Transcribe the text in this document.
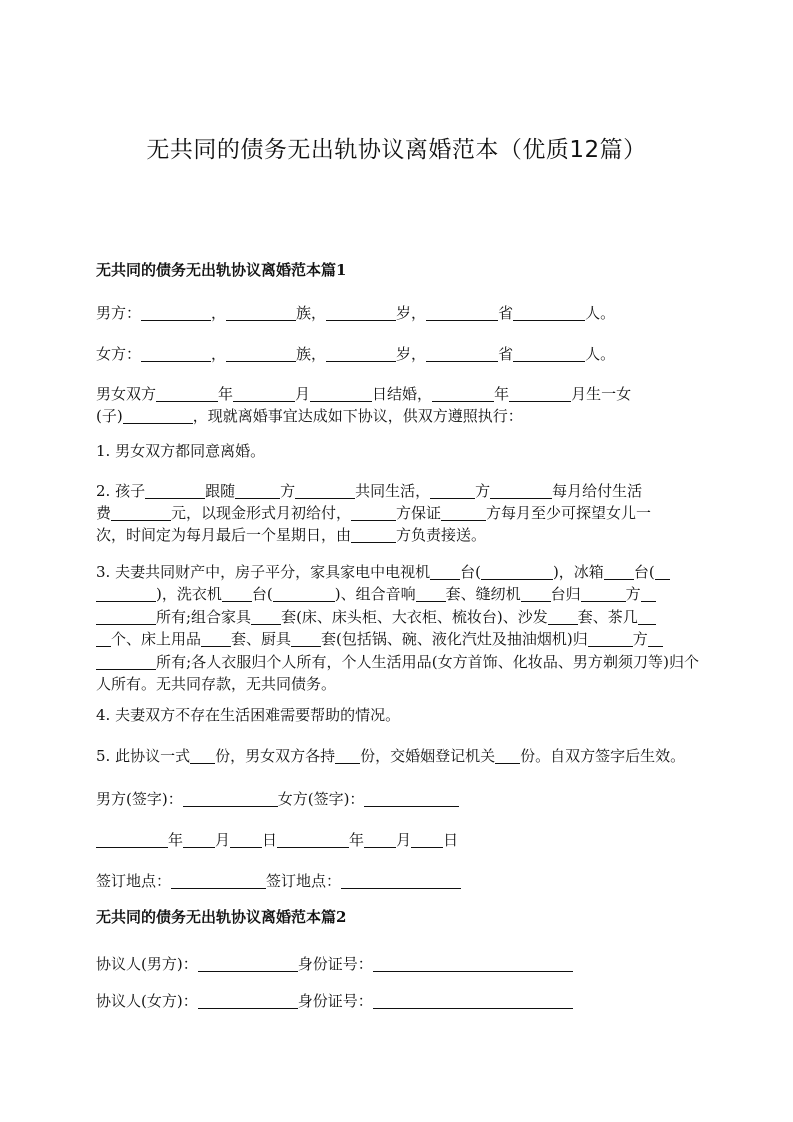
无共同的债务无出轨协议离婚范本（优质12篇）
无共同的债务无出轨协议离婚范本篇1
男方：	，	族，	岁，	省	人。
女方：	，	族，	岁，	省	人。
男女双方	年	月	日结婚，	年	月生一女
(子)	，现就离婚事宜达成如下协议，供双方遵照执行：
1. 男女双方都同意离婚。
2. 孩子	跟随	方	共同生活，	方	每月给付生活
费	元，以现金形式月初给付，	方保证	方每月至少可探望女儿一
次，时间定为每月最后一个星期日，由	方负责接送。
3. 夫妻共同财产中，房子平分，家具家电中电视机 台(	)，冰箱 台(
)，洗衣机 台(	)、组合音响 套、缝纫机 台归	方
所有;组合家具 套(床、床头柜、大衣柜、梳妆台)、沙发 套、茶几
个、床上用品 套、厨具 套(包括锅、碗、液化汽灶及抽油烟机)归	方
所有;各人衣服归个人所有，个人生活用品(女方首饰、化妆品、男方剃须刀等)归个人所有。无共同存款，无共同债务。
4. 夫妻双方不存在生活困难需要帮助的情况。
5. 此协议一式 份，男女双方各持 份，交婚姻登记机关 份。自双方签字后生效。
男方(签字)：	女方(签字)：
年 月 日	年 月 日
签订地点：	签订地点：
无共同的债务无出轨协议离婚范本篇2
协议人(男方)：	身份证号：
协议人(女方)：	身份证号：
